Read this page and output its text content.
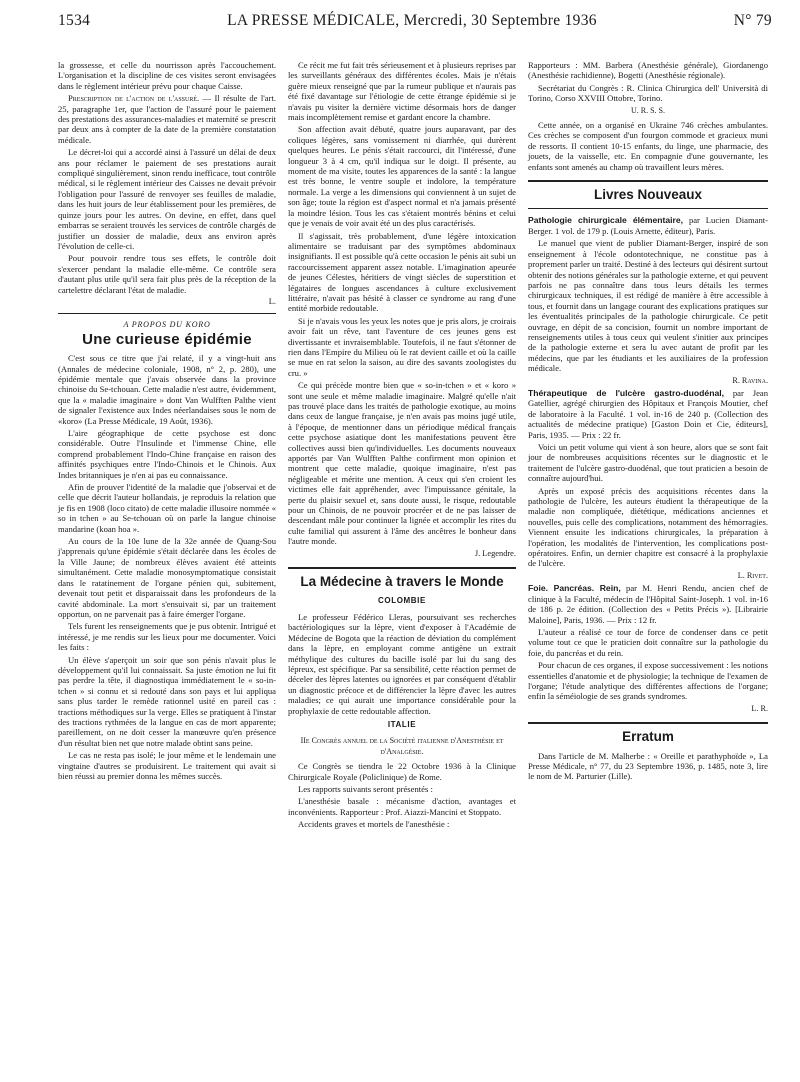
1534	LA PRESSE MÉDICALE, Mercredi, 30 Septembre 1936	N° 79

la grossesse, et celle du nourrisson après l'accouchement. L'organisation et la discipline de ces visites seront envisagées dans le règlement intérieur prévu pour chaque Caisse.

Prescription de l'action de l'assuré. — Il résulte de l'art. 25, paragraphe 1er, que l'action de l'assuré pour le paiement des prestations des assurances-maladies et maternité se prescrit par deux ans à compter de la date de la première constatation médicale.

Le décret-loi qui a accordé ainsi à l'assuré un délai de deux ans pour réclamer le paiement de ses prestations aurait compliqué singulièrement, sinon rendu inefficace, tout contrôle médical, si le règlement intérieur des Caisses ne devait prévoir l'obligation pour l'assuré de renvoyer ses feuilles de maladie, dans les huit jours de leur établissement pour les premières, de quinze jours pour les autres. On devine, en effet, dans quel embarras se seraient trouvés les services de contrôle chargés de justifier un dossier de maladie, deux ans environ après l'évolution de celle-ci.

Pour pouvoir rendre tous ses effets, le contrôle doit s'exercer pendant la maladie elle-même. Ce contrôle sera d'autant plus utile qu'il sera fait plus près de la réception de la cartelettre déclarant l'état de maladie.

L.
A PROPOS DU KORO
Une curieuse épidémie

C'est sous ce titre que j'ai relaté, il y a vingt-huit ans (Annales de médecine coloniale, 1908, n° 2, p. 280), une épidémie mentale que j'avais observée dans la province chinoise du Se-tchouan. Cette maladie n'est autre, évidemment, que la « maladie imaginaire » dont Van Wulfften Palthe vient de signaler l'existence aux Indes néerlandaises sous le nom de «koro» (La Presse Médicale, 19 Août, 1936).

L'aire géographique de cette psychose est donc considérable. Outre l'Insulinde et l'immense Chine, elle comprend probablement l'Indo-Chine française en raison des affinités psychiques entre l'Indo-Chinois et le Chinois. Aux Indes britanniques je n'en ai pas eu connaissance.

Afin de prouver l'identité de la maladie que j'observai et de celle que décrit l'auteur hollandais, je reproduis la relation que je fis en 1908 (loco citato) de cette maladie illusoire nommée « so in tchen » au Se-tchouan où on parle la langue chinoise mandarine (koan hoa ».

Au cours de la 10e lune de la 32e année de Quang-Sou j'apprenais qu'une épidémie s'était déclarée dans les écoles de la Ville Jaune; de nombreux élèves avaient été atteints simultanément. Cette maladie monosymptomatique consistait dans le ratatinement de l'organe pénien qui, subitement, devenait tout petit et disparaissait dans les profondeurs de la cavité abdominale. La mort s'ensuivait si, par un traitement opportun, on ne parvenait pas à faire émerger l'organe.

Tels furent les renseignements que je pus obtenir. Intrigué et intéressé, je me rendis sur les lieux pour me documenter. Voici les faits :

Un élève s'aperçoit un soir que son pénis n'avait plus le développement qu'il lui connaissait. Sa juste émotion ne lui fit pas perdre la tête, il diagnostiqua immédiatement le « so-in-tchen » si connu et si redouté dans son pays et lui appliqua sans plus tarder le remède rationnel usité en pareil cas : tractions méthodiques sur la verge. Elles se pratiquent à l'instar des tractions rythmées de la langue en cas de mort apparente; pareillement, on ne doit cesser la manœuvre qu'en présence d'un résultat bien net que notre malade obtint sans peine.

Le cas ne resta pas isolé; le jour même et le lendemain une vingtaine d'autres se produisirent. Le traitement qui avait si bien réussi au premier donna les mêmes succès.

Ce récit me fut fait très sérieusement et à plusieurs reprises par les surveillants généraux des différentes écoles. Mais je n'étais guère mieux renseigné que par la rumeur publique et n'aurais pas été fixé davantage sur l'étiologie de cette étrange épidémie si je n'avais pu visiter la dernière victime désormais hors de danger mais incomplètement remise et gardant encore la chambre.

Son affection avait débuté, quatre jours auparavant, par des coliques légères, sans vomissement ni diarrhée, qui durèrent quelques heures. Le pénis s'était raccourci, dit l'intéressé, d'une longueur 3 à 4 cm, qu'il indiqua sur le doigt. Il présente, au moment de ma visite, toutes les apparences de la santé : la langue est très bonne, le ventre souple et indolore, la température normale. La verge a les dimensions qui conviennent à un sujet de son âge; toute la région est d'aspect normal et n'a jamais présenté la moindre lésion. Tous les cas s'étaient montrés bénins et celui que je venais de voir avait été un des plus caractérisés.

Il s'agissait, très probablement, d'une légère intoxication alimentaire se traduisant par des symptômes abdominaux insignifiants. Il est possible qu'à cette occasion le pénis ait subi un raccourcissement apparent assez notable. L'imagination apeurée de jeunes Célestes, héritiers de vingt siècles de superstition et légataires de longues ascendances à culture exclusivement littéraire, n'avait pas hésité à classer ce syndrome au rang d'une entité morbide redoutable.

Si je n'avais vous les yeux les notes que je pris alors, je croirais avoir fait un rêve, tant l'aventure de ces jeunes gens est divertissante et invraisemblable. Toutefois, il ne faut s'étonner de rien dans l'Empire du Milieu où le rat devient caille et où la caille se mue en rat selon la saison, au dire des savants zoologistes du cru. »

Ce qui précède montre bien que « so-in-tchen » et « koro » sont une seule et même maladie imaginaire. Malgré qu'elle n'ait pas trouvé place dans les traités de pathologie exotique, au moins dans ceux de langue française, je n'en avais pas moins jugé utile, à l'époque, de mentionner dans un périodique médical français cette psychose asiatique dont les manifestations peuvent être collectives aussi bien qu'individuelles. Les documents nouveaux apportés par Van Wulfften Palthe confirment mon opinion et montrent que cette maladie, quoique imaginaire, n'est pas négligeable et mérite une mention. A ceux qui s'en croient les victimes elle fait appréhender, avec l'impuissance génitale, la perte du plaisir sexuel et, sans doute aussi, le risque, redoutable pour un Chinois, de ne pouvoir procréer et de ne pas laisser de descendant mâle pour continuer la lignée et accomplir les rites du culte familial qui assurent à l'âme des ancêtres le bonheur dans l'autre monde.

J. Legendre.
La Médecine à travers le Monde
COLOMBIE

Le professeur Fédérico Lleras, poursuivant ses recherches bactériologiques sur la lèpre, vient d'exposer à l'Académie de Médecine de Bogota que la réaction de déviation du complément dans la lèpre, en employant comme antigène un extrait méthylique des cultures du bacille isolé par lui du sang des lépreux, est spécifique. Par sa sensibilité, cette réaction permet de déceler des lèpres latentes ou ignorées et par conséquent d'établir un diagnostic précoce et de différencier la lèpre d'avec les autres maladies; ce qui aurait une importance considérable pour la prophylaxie de cette redoutable affection.

ITALIE
IIe Congrès annuel de la Société italienne d'Anesthésie et d'Analgésie.

Ce Congrès se tiendra le 22 Octobre 1936 à la Clinique Chirurgicale Royale (Policlinique) de Rome.

Les rapports suivants seront présentés :

L'anesthésie basale : mécanisme d'action, avantages et inconvénients. Rapporteur : Prof. Aiazzi-Mancini et Stoppato.

Accidents graves et mortels de l'anesthésie :

Rapporteurs : MM. Barbera (Anesthésie générale), Giordanengo (Anesthésie rachidienne), Bogetti (Anesthésie régionale).

Secrétariat du Congrès : R. Clinica Chirurgica dell' Università di Torino, Corso XXVIII Ottobre, Torino.

U. R. S. S.

Cette année, on a organisé en Ukraine 746 crèches ambulantes. Ces crèches se composent d'un fourgon commode et gracieux muni de ressorts. Il contient 10-15 enfants, du linge, une pharmacie, des jouets, de la vaisselle, etc. En compagnie d'une gouvernante, les enfants sont amenés au champ où travaillent leurs mères.

Livres Nouveaux

Pathologie chirurgicale élémentaire, par Lucien Diamant-Berger. 1 vol. de 179 p. (Louis Arnette, éditeur), Paris.

Le manuel que vient de publier Diamant-Berger, inspiré de son enseignement à l'école odontotechnique, ne constitue pas à proprement parler un traité. Destiné à des lecteurs qui désirent surtout obtenir des notions générales sur la pathologie externe, et qui peuvent parfois ne pas connaître dans tous leurs détails les termes chirurgicaux techniques, il est rédigé de manière à être accessible à tous, et fournit dans un langage courant des explications pratiques sur les éventualités principales de la pathologie chirurgicale. Ce petit ouvrage, en dépit de sa concision, fournit un nombre important de renseignements utiles à tous ceux qui veulent s'initier aux principes de la pathologie externe et sera lu avec autant de profit par les médecins, que par les étudiants et les auxiliaires de la profession médicale.

R. Ravina.

Thérapeutique de l'ulcère gastro-duodénal, par Jean Gatellier, agrégé chirurgien des Hôpitaux et François Moutier, chef de laboratoire à la Faculté. 1 vol. in-16 de 240 p. (Collection des actualités de médecine pratique) [Gaston Doin et Cie, éditeurs], Paris, 1935. — Prix : 22 fr.

Voici un petit volume qui vient à son heure, alors que se sont fait jour de nombreuses acquisitions récentes sur le diagnostic et le traitement de l'ulcère gastro-duodénal, que tout praticien a besoin de connaître aujourd'hui.

Après un exposé précis des acquisitions récentes dans la pathologie de l'ulcère, les auteurs étudient la thérapeutique de la maladie non compliquée, diététique, médications anciennes et nouvelles, puis celle des complications, notamment des hémorragies. Viennent ensuite les indications chirurgicales, la préparation à l'opération, les modalités de l'intervention, les complications post-opératoires. Enfin, un dernier chapitre est consacré à la prophylaxie de l'ulcère.

L. Rivet.

Foie. Pancréas. Rein, par M. Henri Rendu, ancien chef de clinique à la Faculté, médecin de l'Hôpital Saint-Joseph. 1 vol. in-16 de 186 p. 2e édition. (Collection des « Petits Précis »). [Librairie Maloine], Paris, 1936. — Prix : 12 fr.

L'auteur a réalisé ce tour de force de condenser dans ce petit volume tout ce que le praticien doit connaître sur la pathologie du foie, du pancréas et du rein.

Pour chacun de ces organes, il expose successivement : les notions essentielles d'anatomie et de physiologie; la technique de l'examen de l'organe; l'étude analytique des différentes affections de l'organe; enfin la séméiologie de ses grands syndromes.

L. R.
Erratum

Dans l'article de M. Malherbe : « Oreille et parathyphoïde », La Presse Médicale, n° 77, du 23 Septembre 1936, p. 1485, note 3, lire le nom de M. Parturier (Lille).
